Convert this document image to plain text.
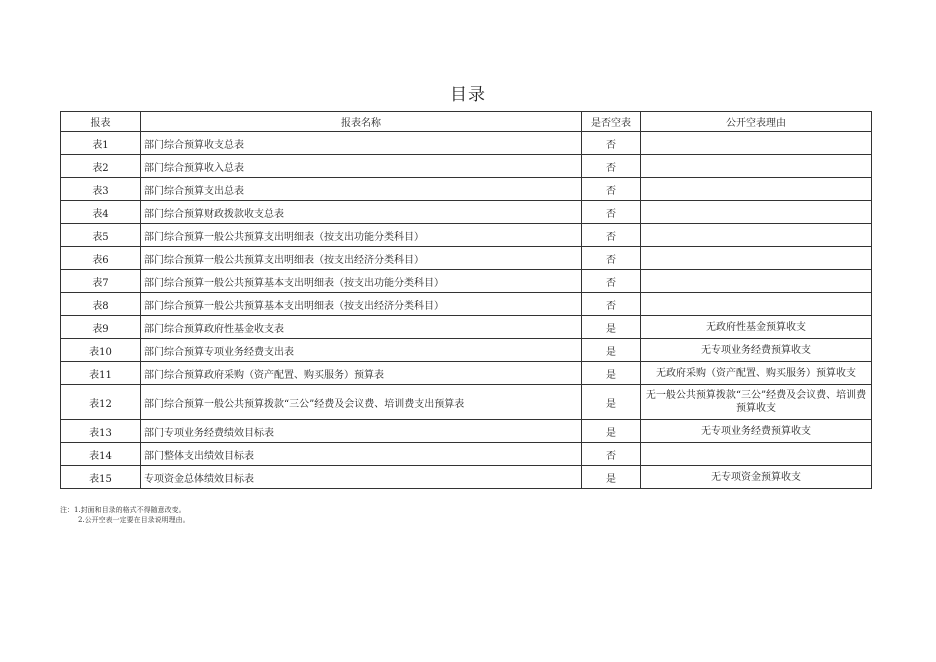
目录
报表	报表名称	是否空表	公开空表理由
表1	部门综合预算收支总表	否	
表2	部门综合预算收入总表	否	
表3	部门综合预算支出总表	否	
表4	部门综合预算财政拨款收支总表	否	
表5	部门综合预算一般公共预算支出明细表（按支出功能分类科目）	否	
表6	部门综合预算一般公共预算支出明细表（按支出经济分类科目）	否	
表7	部门综合预算一般公共预算基本支出明细表（按支出功能分类科目）	否	
表8	部门综合预算一般公共预算基本支出明细表（按支出经济分类科目）	否	
表9	部门综合预算政府性基金收支表	是	无政府性基金预算收支
表10	部门综合预算专项业务经费支出表	是	无专项业务经费预算收支
表11	部门综合预算政府采购（资产配置、购买服务）预算表	是	无政府采购（资产配置、购买服务）预算收支
表12	部门综合预算一般公共预算拨款“三公”经费及会议费、培训费支出预算表	是	无一般公共预算拨款“三公”经费及会议费、培训费预算收支
表13	部门专项业务经费绩效目标表	是	无专项业务经费预算收支
表14	部门整体支出绩效目标表	否	
表15	专项资金总体绩效目标表	是	无专项资金预算收支
注：1.封面和目录的格式不得随意改变。
2.公开空表一定要在目录说明理由。
